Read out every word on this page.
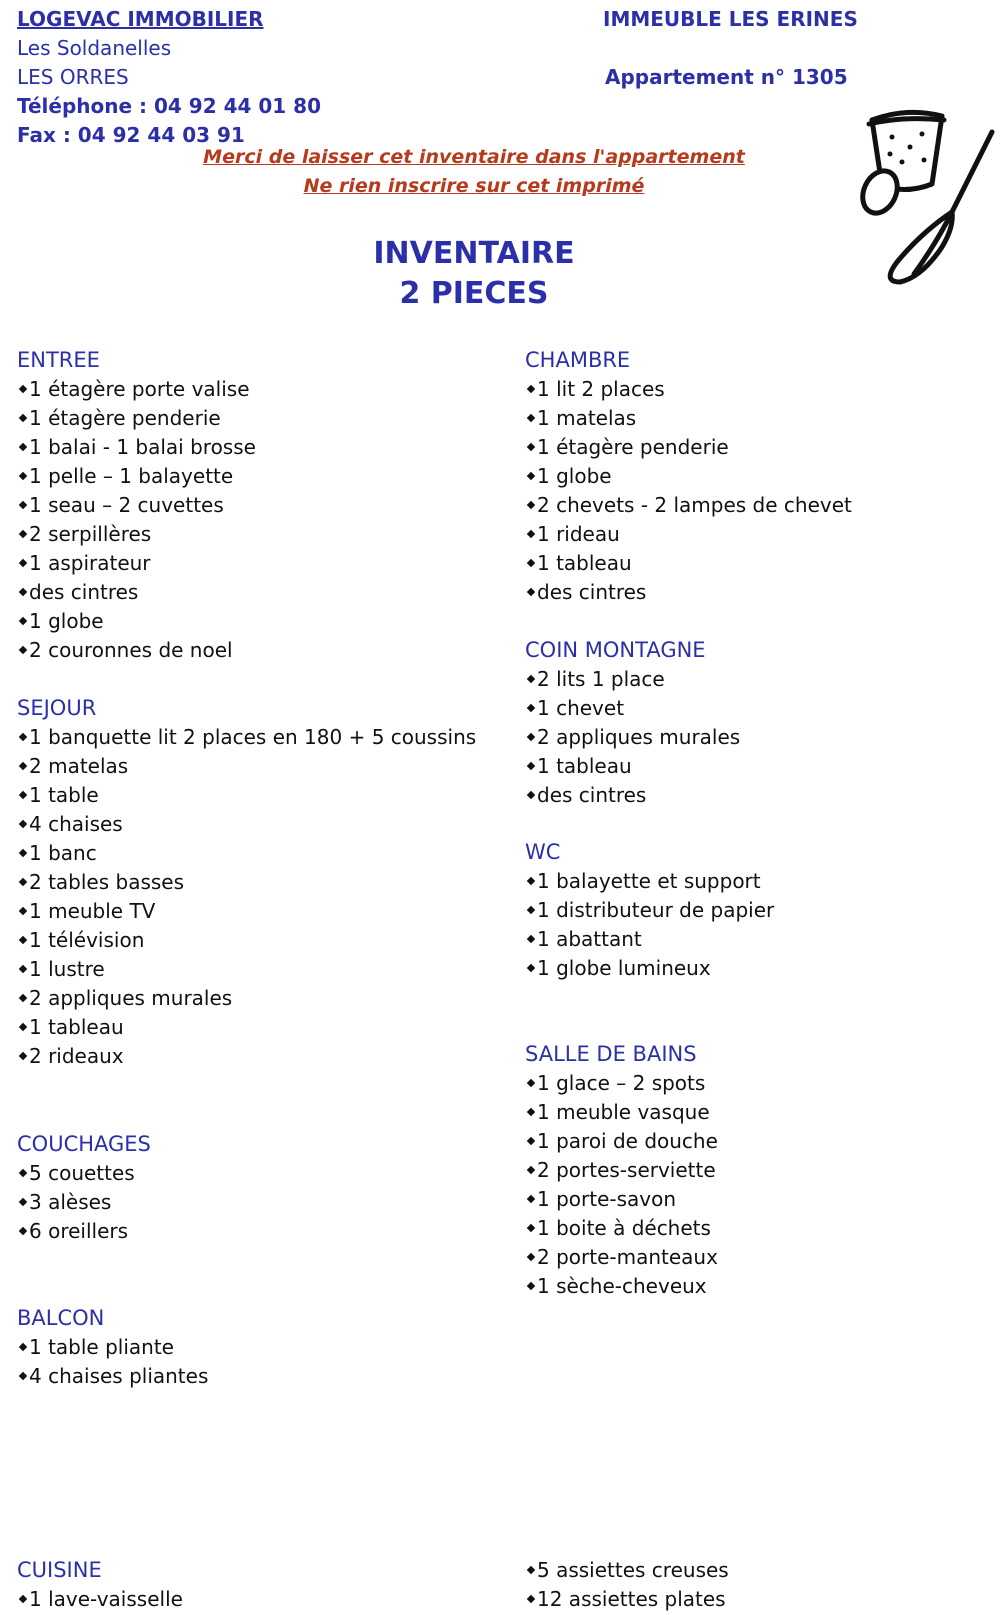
LOGEVAC IMMOBILIER
Les Soldanelles
LES ORRES
Téléphone : 04 92 44 01 80
Fax : 04 92 44 03 91
IMMEUBLE LES ERINES
Appartement n° 1305
Merci de laisser cet inventaire dans l'appartement
Ne rien inscrire sur cet imprimé
INVENTAIRE
2 PIECES
ENTREE
1 étagère porte valise
1 étagère penderie
1 balai - 1 balai brosse
1 pelle – 1 balayette
1 seau – 2 cuvettes
2 serpillères
1 aspirateur
des cintres
1 globe
2 couronnes de noel
SEJOUR
1 banquette lit 2 places en 180 + 5 coussins
2 matelas
1 table
4 chaises
1 banc
2 tables basses
1 meuble TV
1 télévision
1 lustre
2 appliques murales
1 tableau
2 rideaux
COUCHAGES
5 couettes
3 alèses
6 oreillers
BALCON
1 table pliante
4 chaises pliantes
CUISINE
1 lave-vaisselle
CHAMBRE
1 lit 2 places
1 matelas
1 étagère penderie
1 globe
2 chevets - 2 lampes de chevet
1 rideau
1 tableau
des cintres
COIN MONTAGNE
2 lits 1 place
1 chevet
2 appliques murales
1 tableau
des cintres
WC
1 balayette et support
1 distributeur de papier
1 abattant
1 globe lumineux
SALLE DE BAINS
1 glace – 2 spots
1 meuble vasque
1 paroi de douche
2 portes-serviette
1 porte-savon
1 boite à déchets
2 porte-manteaux
1 sèche-cheveux
5 assiettes creuses
12 assiettes plates
